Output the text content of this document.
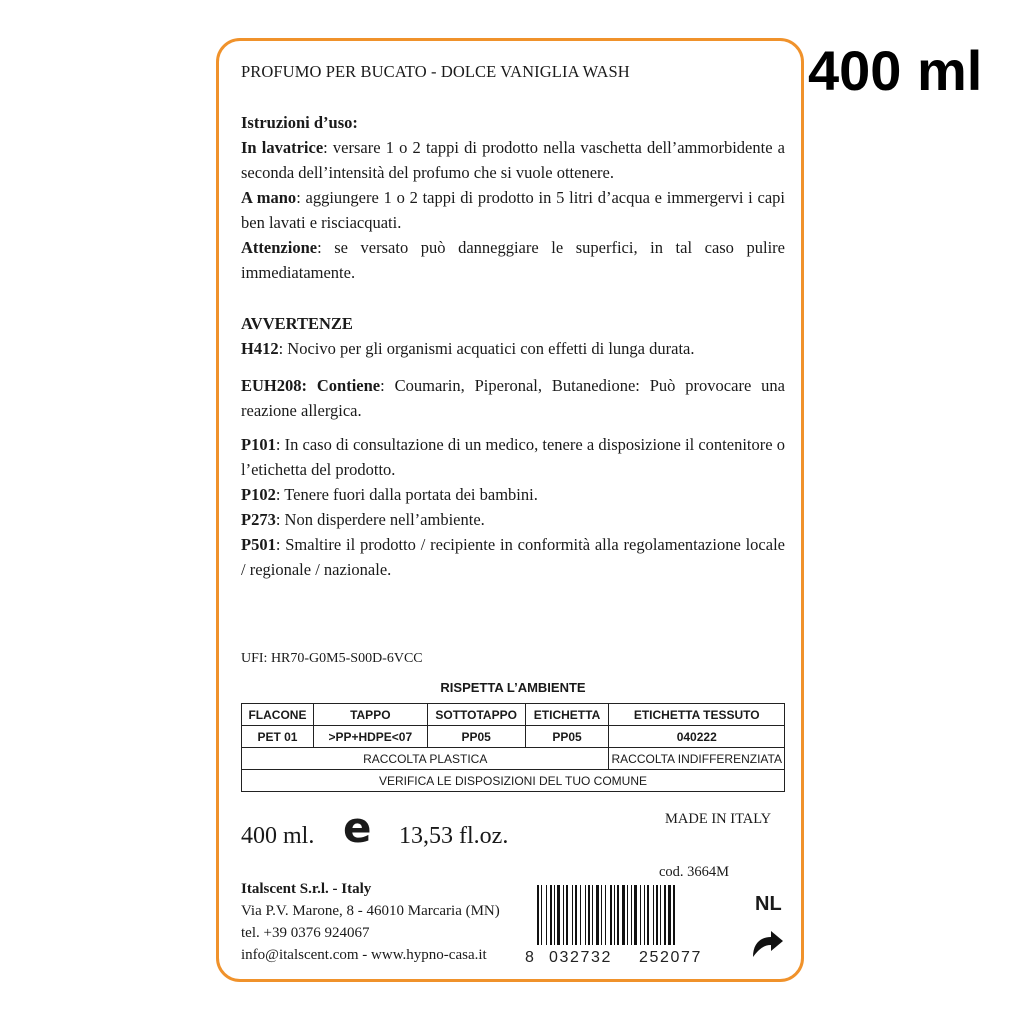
400 ml
PROFUMO PER BUCATO - DOLCE VANIGLIA WASH
Istruzioni d’uso:
In lavatrice: versare 1 o 2 tappi di prodotto nella vaschetta dell’ammorbidente a seconda dell’intensità del profumo che si vuole ottenere.
A mano: aggiungere 1 o 2 tappi di prodotto in 5 litri d’acqua e immergervi i capi ben lavati e risciacquati.
Attenzione: se versato può danneggiare le superfici, in tal caso pulire immediatamente.
AVVERTENZE
H412: Nocivo per gli organismi acquatici con effetti di lunga durata.
EUH208: Contiene: Coumarin, Piperonal, Butanedione: Può provocare una reazione allergica.
P101: In caso di consultazione di un medico, tenere a disposizione il contenitore o l’etichetta del prodotto.
P102: Tenere fuori dalla portata dei bambini.
P273: Non disperdere nell’ambiente.
P501: Smaltire il prodotto / recipiente in conformità alla regolamentazione locale / regionale / nazionale.
UFI: HR70-G0M5-S00D-6VCC
RISPETTA L’AMBIENTE
FLACONE	TAPPO	SOTTOTAPPO	ETICHETTA	ETICHETTA TESSUTO
PET 01	>PP+HDPE<07	PP05	PP05	040222
RACCOLTA PLASTICA				RACCOLTA INDIFFERENZIATA
VERIFICA LE DISPOSIZIONI DEL TUO COMUNE				
400 ml. e 13,53 fl.oz.
MADE IN ITALY
cod. 3664M
Italscent S.r.l. - Italy
Via P.V. Marone, 8 - 46010 Marcaria (MN)
tel. +39 0376 924067
info@italscent.com - www.hypno-casa.it	8 032732 252077
NL
